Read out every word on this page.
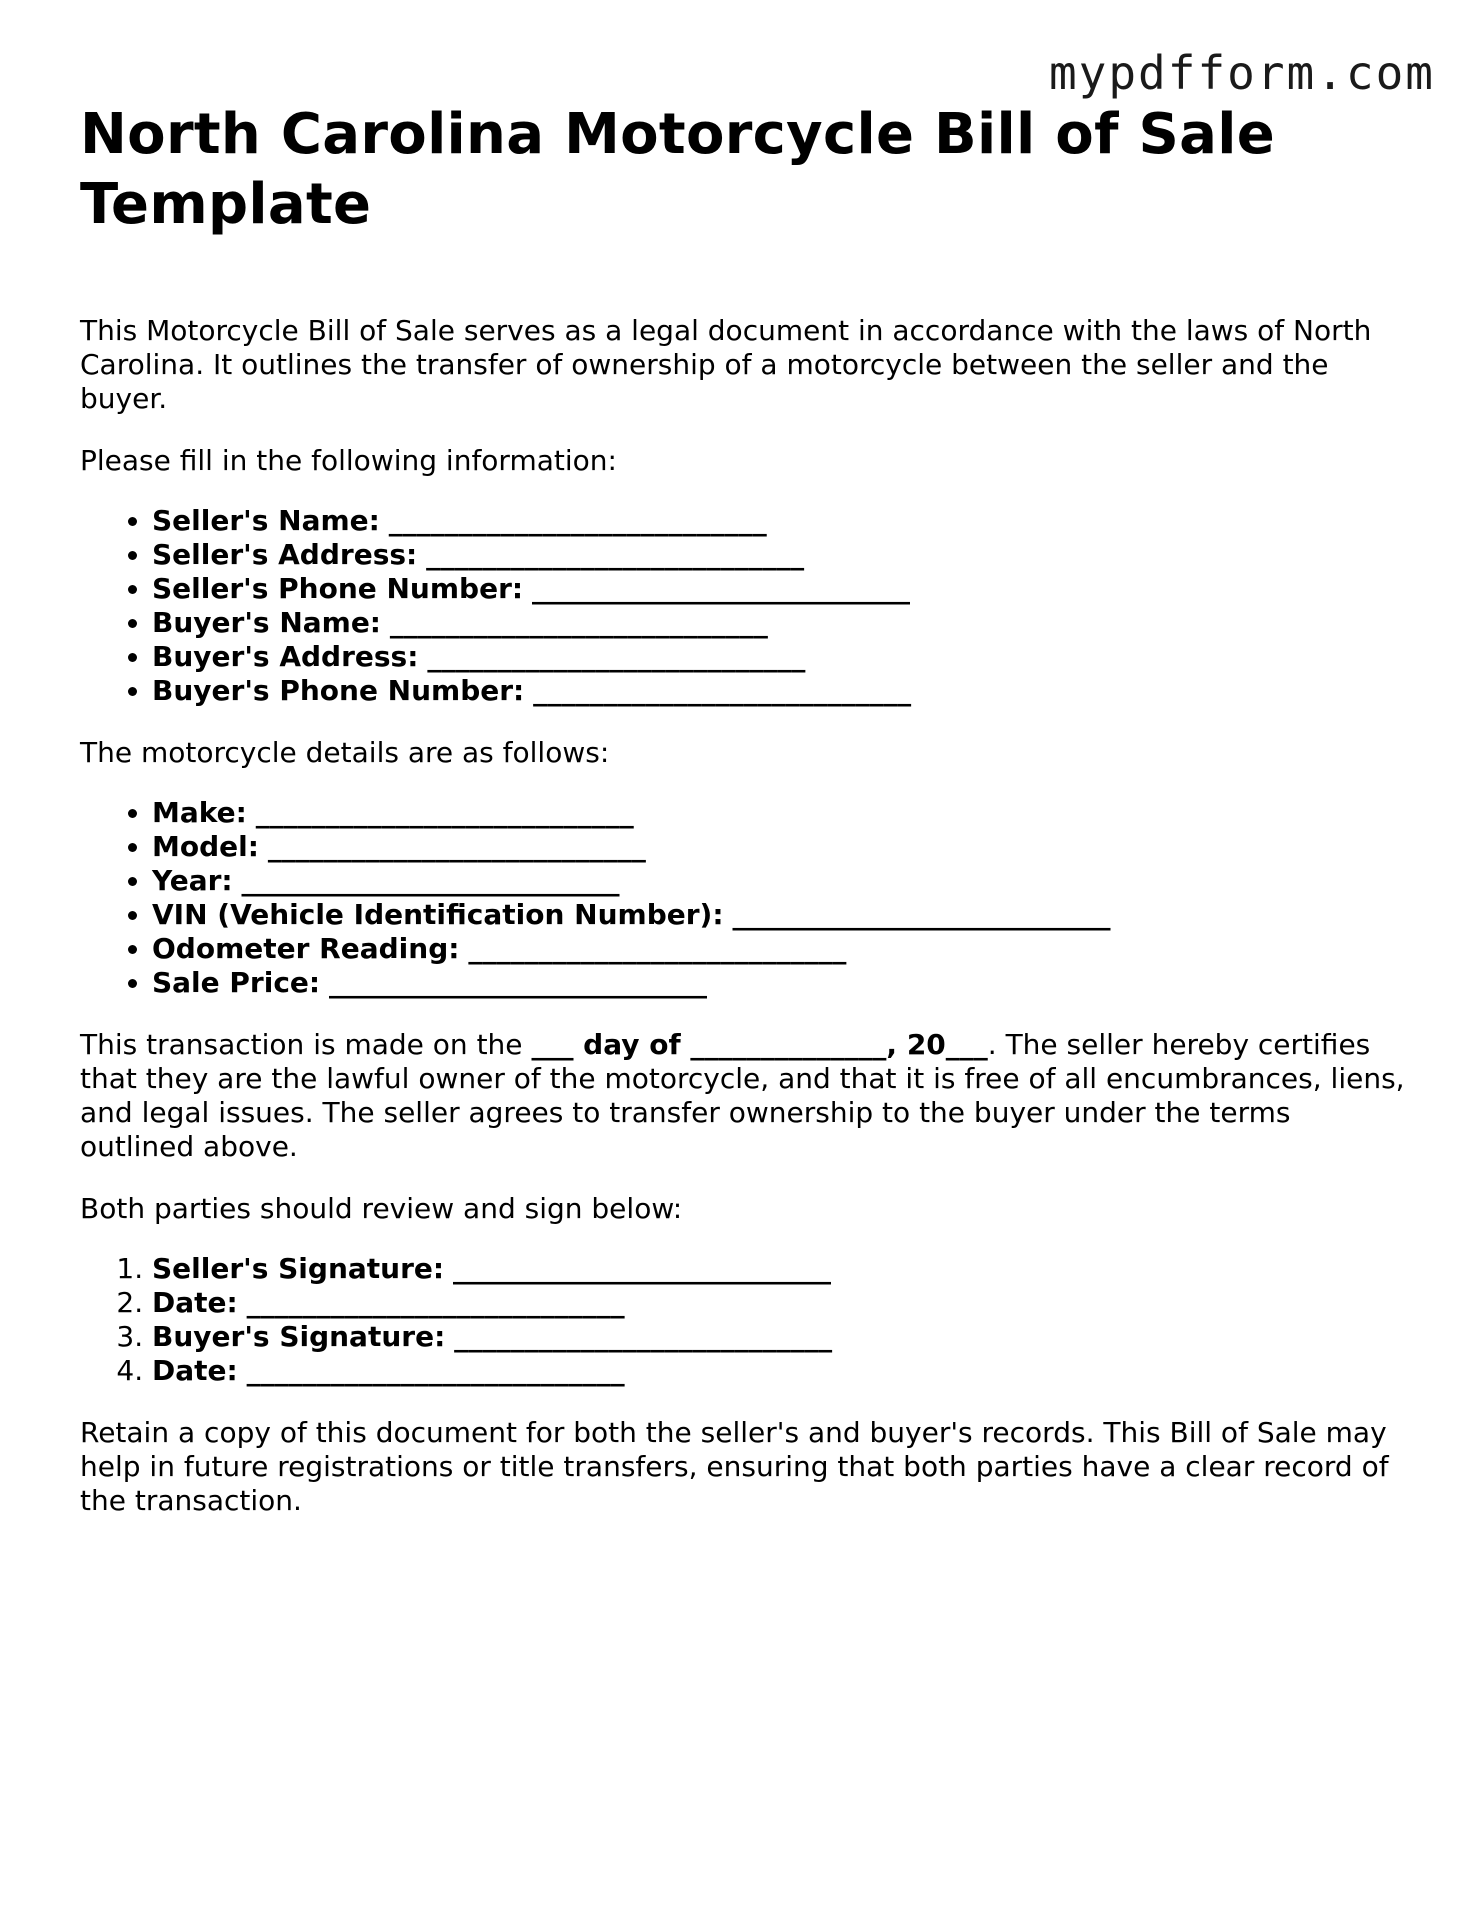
mypdfform.com
North Carolina Motorcycle Bill of Sale Template

This Motorcycle Bill of Sale serves as a legal document in accordance with the laws of North Carolina. It outlines the transfer of ownership of a motorcycle between the seller and the buyer.

Please fill in the following information:

• Seller's Name: ___________________________
• Seller's Address: ___________________________
• Seller's Phone Number: ___________________________
• Buyer's Name: ___________________________
• Buyer's Address: ___________________________
• Buyer's Phone Number: ___________________________

The motorcycle details are as follows:

• Make: ___________________________
• Model: ___________________________
• Year: ___________________________
• VIN (Vehicle Identification Number): ___________________________
• Odometer Reading: ___________________________
• Sale Price: ___________________________

This transaction is made on the ___ day of ______________, 20___. The seller hereby certifies that they are the lawful owner of the motorcycle, and that it is free of all encumbrances, liens, and legal issues. The seller agrees to transfer ownership to the buyer under the terms outlined above.

Both parties should review and sign below:

1. Seller's Signature: ___________________________
2. Date: ___________________________
3. Buyer's Signature: ___________________________
4. Date: ___________________________

Retain a copy of this document for both the seller's and buyer's records. This Bill of Sale may help in future registrations or title transfers, ensuring that both parties have a clear record of the transaction.
